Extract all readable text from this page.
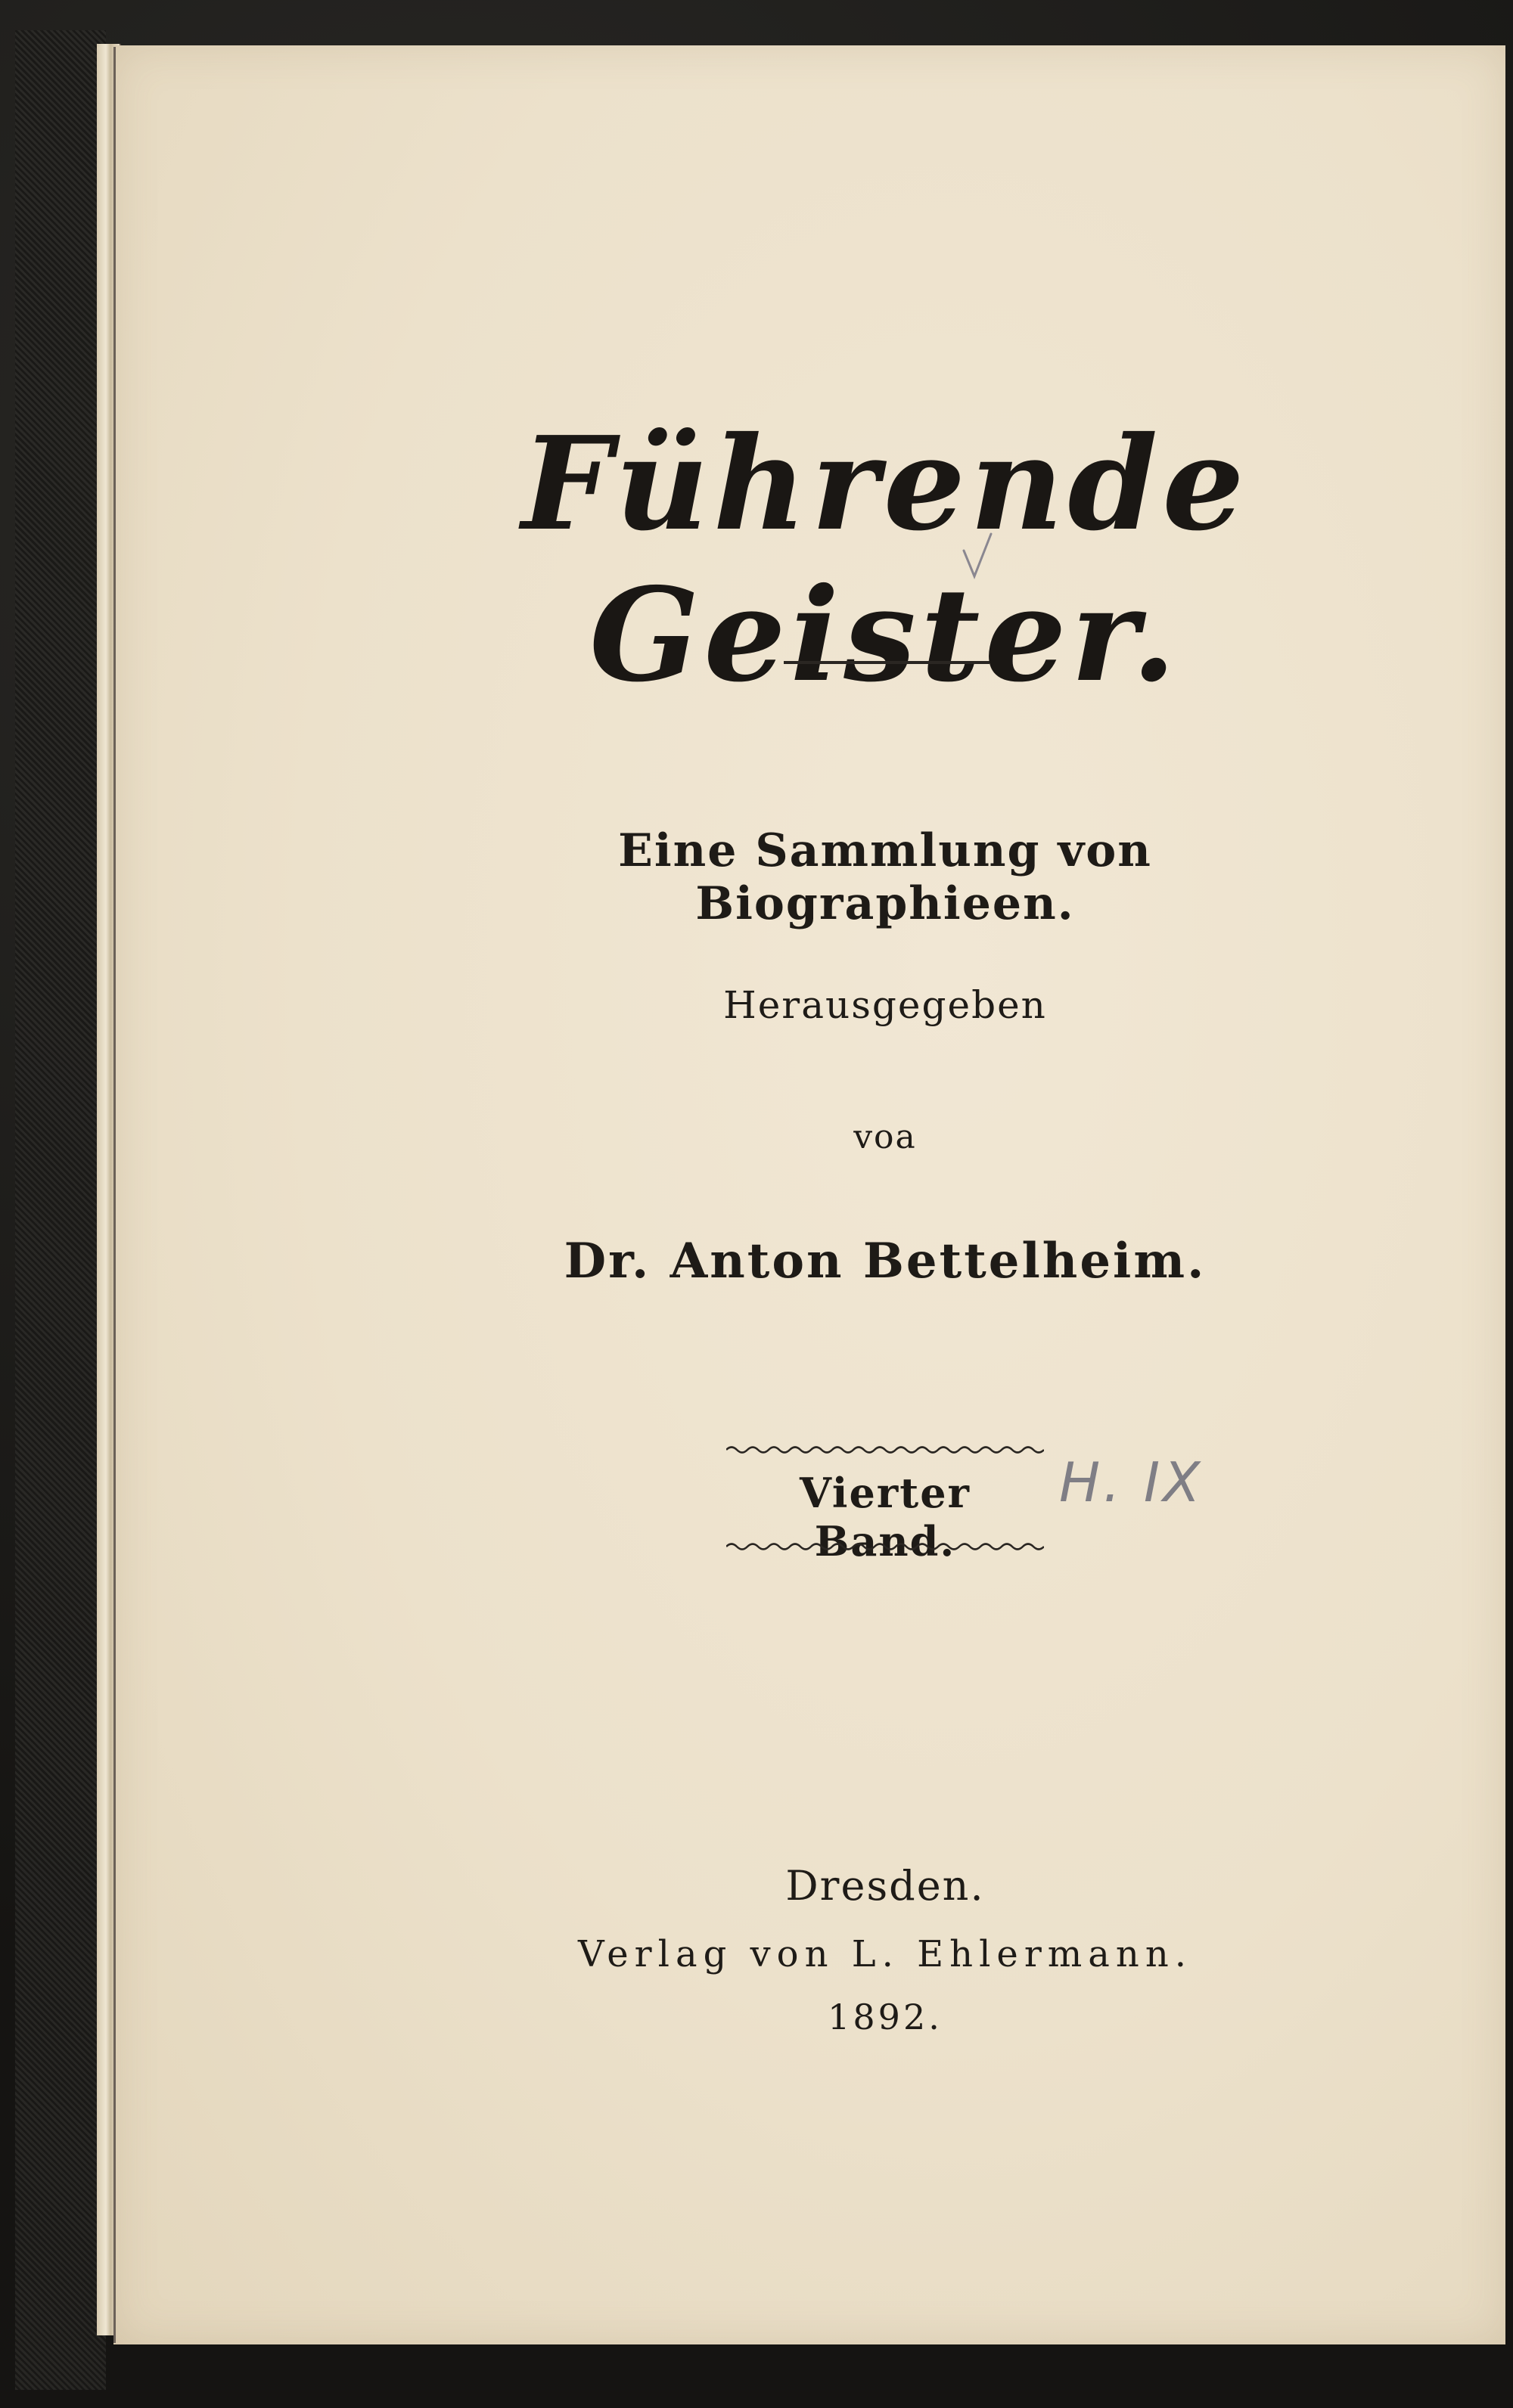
Führende Geister.
Eine Sammlung von Biographieen.
Herausgegeben
voa
Dr. Anton Bettelheim.
Vierter Band.
H. IX
Dresden.
Verlag von L. Ehlermann.
1892.
